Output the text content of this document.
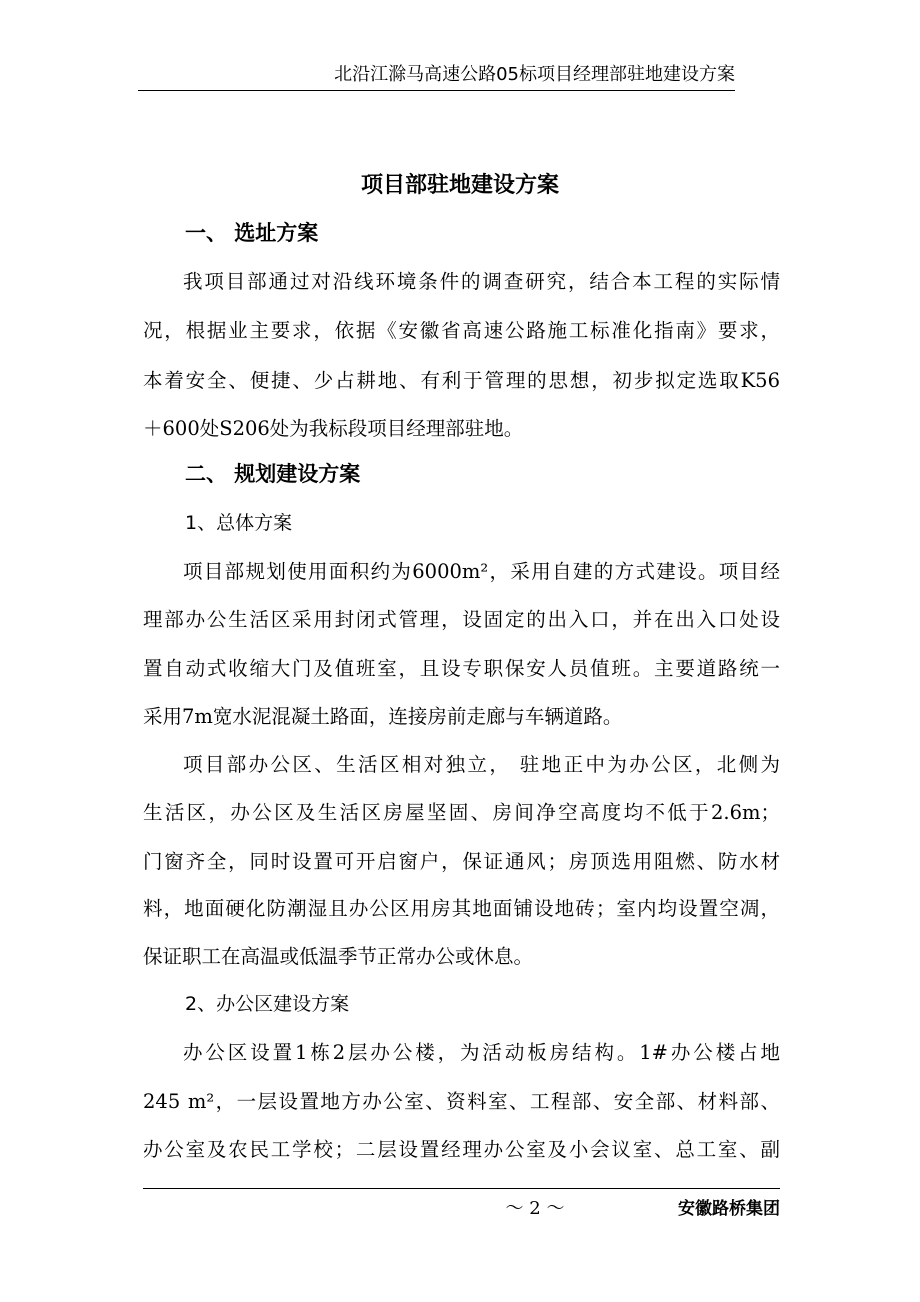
北沿江滁马高速公路05标项目经理部驻地建设方案
项目部驻地建设方案
一、 选址方案
我项目部通过对沿线环境条件的调查研究，结合本工程的实际情
况，根据业主要求，依据《安徽省高速公路施工标准化指南》要求，
本着安全、便捷、少占耕地、有利于管理的思想，初步拟定选取K56
＋600处S206处为我标段项目经理部驻地。
二、 规划建设方案
1、总体方案
项目部规划使用面积约为6000m²，采用自建的方式建设。项目经
理部办公生活区采用封闭式管理，设固定的出入口，并在出入口处设
置自动式收缩大门及值班室，且设专职保安人员值班。主要道路统一
采用7m宽水泥混凝土路面，连接房前走廊与车辆道路。
项目部办公区、生活区相对独立， 驻地正中为办公区，北侧为
生活区，办公区及生活区房屋坚固、房间净空高度均不低于2.6m；
门窗齐全，同时设置可开启窗户，保证通风；房顶选用阻燃、防水材
料，地面硬化防潮湿且办公区用房其地面铺设地砖；室内均设置空凋，
保证职工在高温或低温季节正常办公或休息。
2、办公区建设方案
办公区设置1栋2层办公楼，为活动板房结构。1#办公楼占地
245 m²，一层设置地方办公室、资料室、工程部、安全部、材料部、
办公室及农民工学校；二层设置经理办公室及小会议室、总工室、副
～ 2 ～	安徽路桥集团
